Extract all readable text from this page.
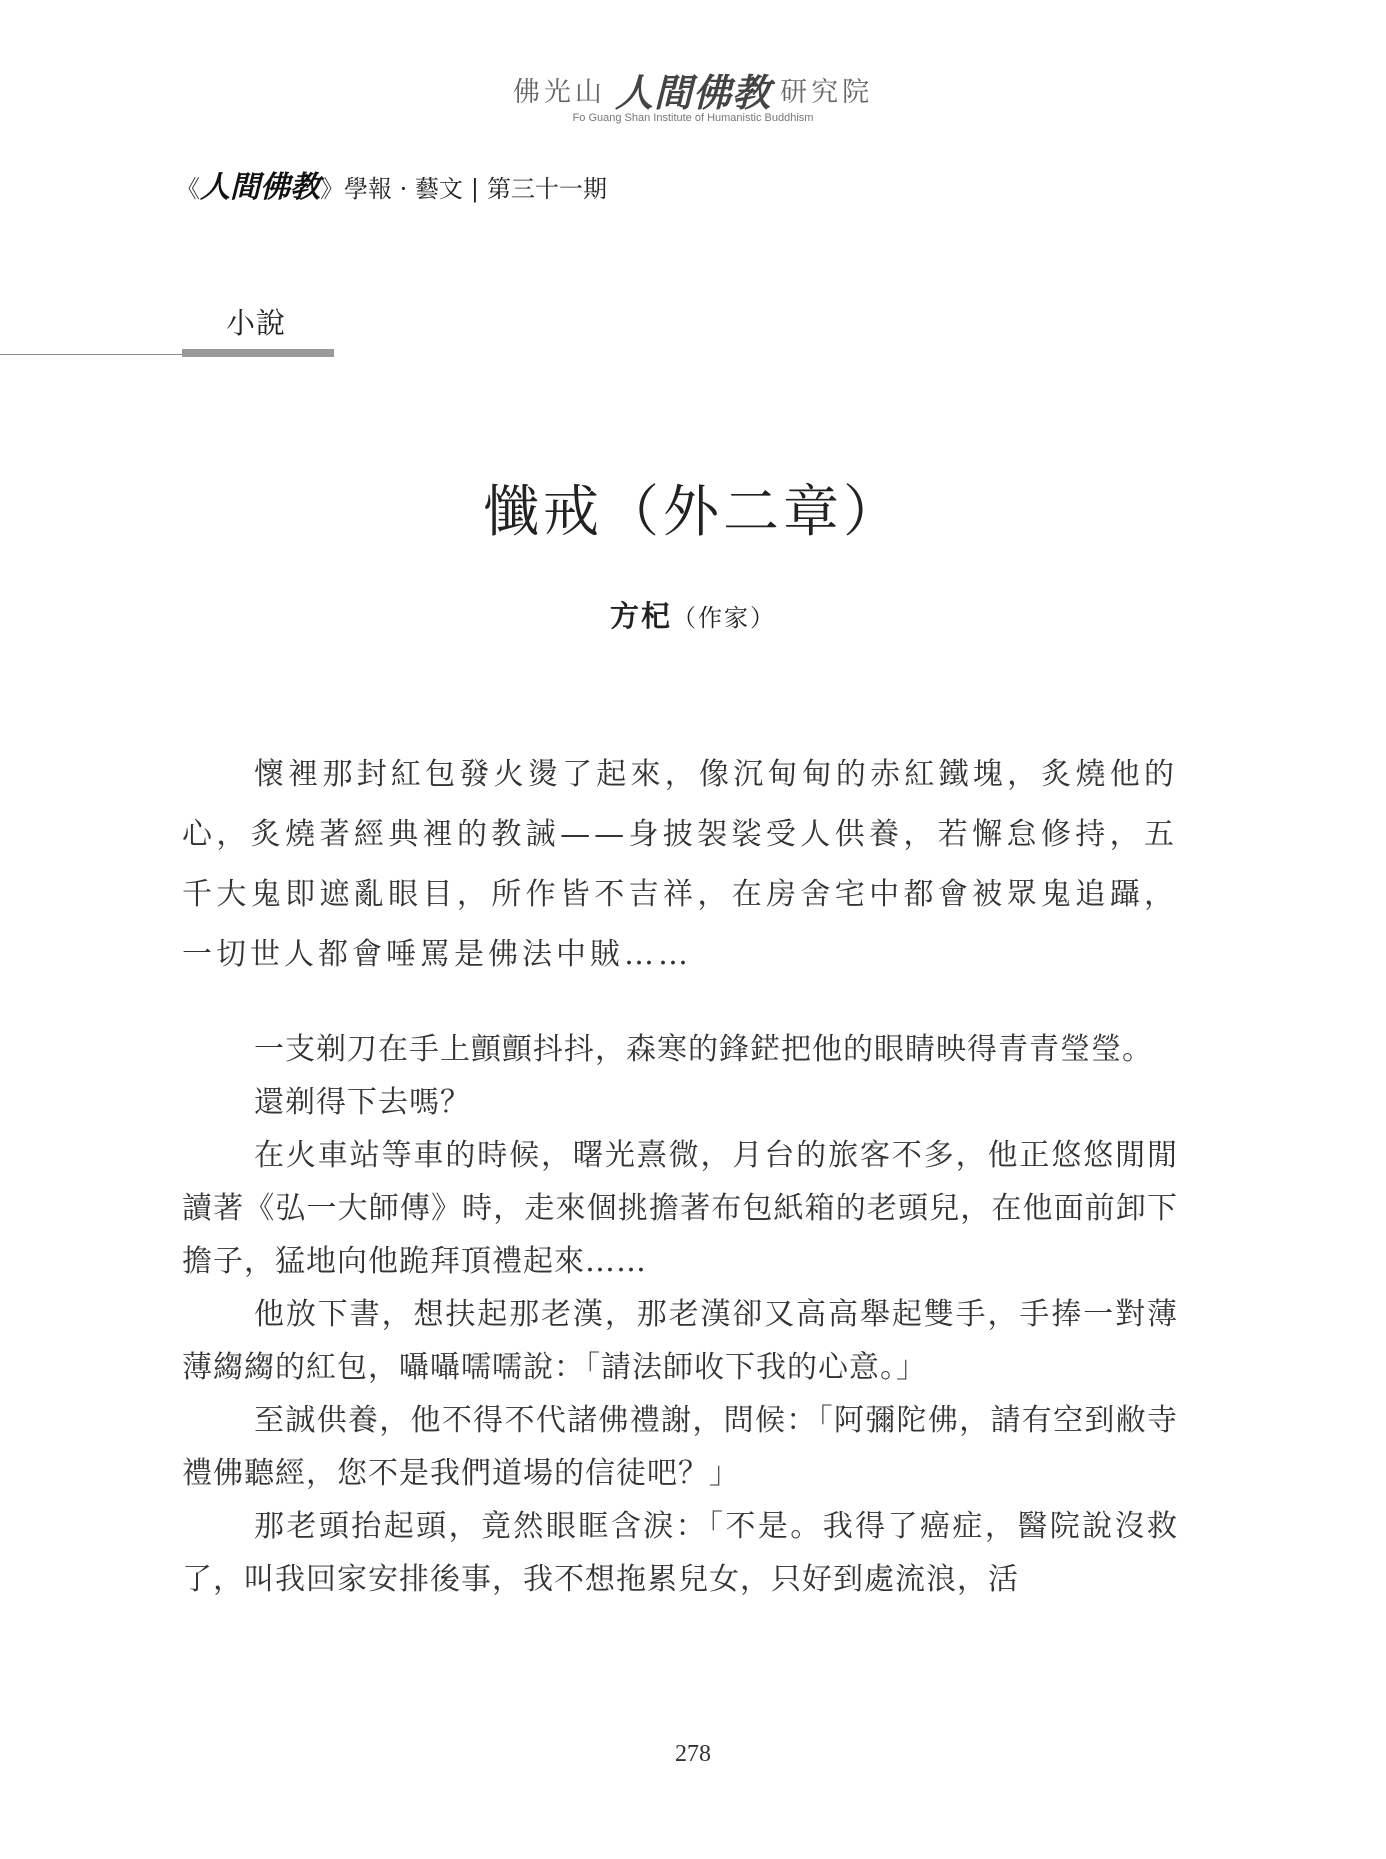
佛光山 人間佛教 研究院
Fo Guang Shan Institute of Humanistic Buddhism
《人間佛教》學報 · 藝文 | 第三十一期
小說
懺戒（外二章）
方杞（作家）

懷裡那封紅包發火燙了起來，像沉甸甸的赤紅鐵塊，炙燒他的心，炙燒著經典裡的教誡——身披袈裟受人供養，若懈怠修持，五千大鬼即遮亂眼目，所作皆不吉祥，在房舍宅中都會被眾鬼追躡，一切世人都會唾罵是佛法中賊……

一支剃刀在手上顫顫抖抖，森寒的鋒鋩把他的眼睛映得青青瑩瑩。

還剃得下去嗎？

在火車站等車的時候，曙光熹微，月台的旅客不多，他正悠悠閒閒讀著《弘一大師傳》時，走來個挑擔著布包紙箱的老頭兒，在他面前卸下擔子，猛地向他跪拜頂禮起來……

他放下書，想扶起那老漢，那老漢卻又高高舉起雙手，手捧一對薄薄縐縐的紅包，囁囁嚅嚅說：「請法師收下我的心意。」

至誠供養，他不得不代諸佛禮謝，問候：「阿彌陀佛，請有空到敝寺禮佛聽經，您不是我們道場的信徒吧？」

那老頭抬起頭，竟然眼眶含淚：「不是。我得了癌症，醫院說沒救了，叫我回家安排後事，我不想拖累兒女，只好到處流浪，活

278
